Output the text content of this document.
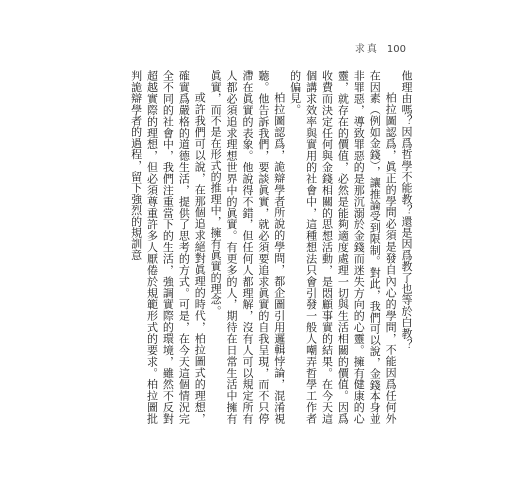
求真 100

他理由嗎？因爲哲學不能教？還是因爲教了也等於白教？

柏拉圖認爲，眞正的學問必須是發自內心的學問，不能因爲任何外在因素（例如金錢），讓推論受到限制。對此，我們可以說，金錢本身並非罪惡，導致罪惡的是那沉溺於金錢而迷失方向的心靈。擁有健康的心靈，就存在的價值，必然是能夠適度處理一切與生活相關的價值。因爲收費而決定任何與金錢相關的思想活動，是悶顧事實的結果。在今天這個講求效率與實用的社會中，這種想法只會引發一般人嘲弄哲學工作者的偏見。

柏拉圖認爲，詭辯學者所說的學問，都企圖引用邏輯悖論，混淆視聽。他告訴我們，要談眞實，就必須要追求眞實的自我呈現，而不只停滯在眞實的表象。他說得不錯，但任何人都理解，沒有人可以規定所有人都必須追求理想世界中的眞實。有更多的人，期待在日常生活中擁有眞實，而不是在形式的推理中，擁有眞實的理念。

或許我們可以說，在那個追求絕對眞理的時代，柏拉圖式的理想，確實爲嚴格的道德生活，提供了思考的方式。可是，在今天這個情況完全不同的社會中，我們注重當下的生活，強調實際的環境，雖然不反對超越實際的理想，但必須尊重許多人厭倦於規範形式的要求。柏拉圖批判詭辯學者的過程，留下強烈的規訓意
